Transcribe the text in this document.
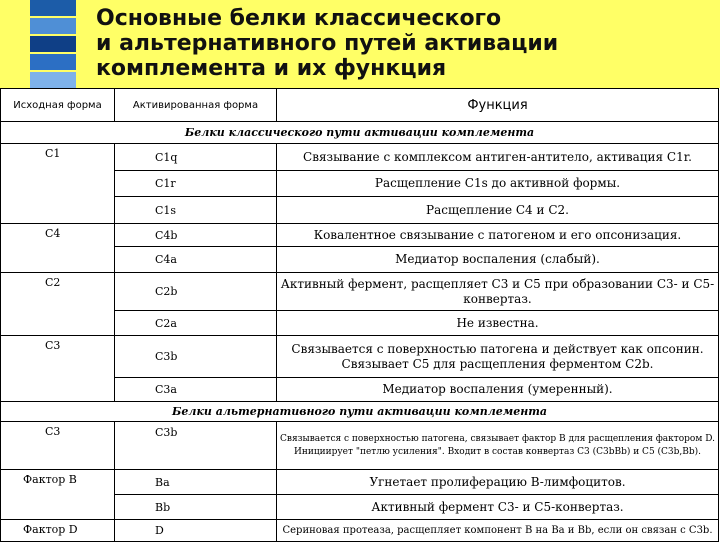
Основные белки классического
и альтернативного путей активации
комплемента и их функция
Исходная форма	Активированная форма	Функция
Белки классического пути активации комплемента		
C1	C1q	Связывание с комплексом антиген-антитело, активация C1r.
	C1r	Расщепление C1s до активной формы.
	C1s	Расщепление C4 и C2.
C4	C4b	Ковалентное связывание с патогеном и его опсонизация.
	C4a	Медиатор воспаления (слабый).
C2	C2b	Активный фермент, расщепляет C3 и C5 при образовании C3- и C5-конвертаз.
	C2a	Не известна.
C3	C3b	Связывается с поверхностью патогена и действует как опсонин. Связывает C5 для расщепления ферментом C2b.
	C3a	Медиатор воспаления (умеренный).
Белки альтернативного пути активации комплемента		
C3	C3b	Связывается с поверхностью патогена, связывает фактор B для расщепления фактором D. Инициирует "петлю усиления". Входит в состав конвертаз C3 (C3bBb) и C5 (C3b,Bb).
Фактор B	Ba	Угнетает пролиферацию B-лимфоцитов.
	Bb	Активный фермент C3- и C5-конвертаз.
Фактор D	D	Сериновая протеаза, расщепляет компонент B на Ba и Bb, если он связан с C3b.
